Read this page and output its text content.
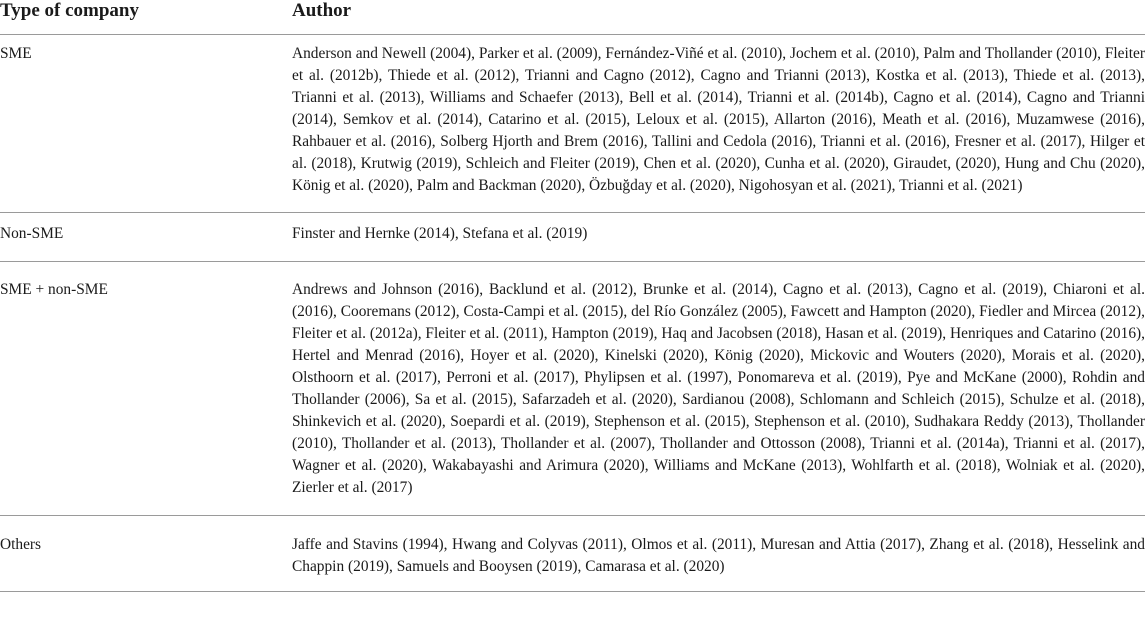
Type of company	Author
SME	Anderson and Newell (2004), Parker et al. (2009), Fernández-Viñé et al. (2010), Jochem et al. (2010), Palm and Thollander (2010), Fleiter et al. (2012b), Thiede et al. (2012), Trianni and Cagno (2012), Cagno and Trianni (2013), Kostka et al. (2013), Thiede et al. (2013), Trianni et al. (2013), Williams and Schaefer (2013), Bell et al. (2014), Trianni et al. (2014b), Cagno et al. (2014), Cagno and Trianni (2014), Semkov et al. (2014), Catarino et al. (2015), Leloux et al. (2015), Allarton (2016), Meath et al. (2016), Muzamwese (2016), Rahbauer et al. (2016), Solberg Hjorth and Brem (2016), Tallini and Cedola (2016), Trianni et al. (2016), Fresner et al. (2017), Hilger et al. (2018), Krutwig (2019), Schleich and Fleiter (2019), Chen et al. (2020), Cunha et al. (2020), Giraudet, (2020), Hung and Chu (2020), König et al. (2020), Palm and Backman (2020), Özbuğday et al. (2020), Nigohosyan et al. (2021), Trianni et al. (2021)
Non-SME	Finster and Hernke (2014), Stefana et al. (2019)
SME + non-SME	Andrews and Johnson (2016), Backlund et al. (2012), Brunke et al. (2014), Cagno et al. (2013), Cagno et al. (2019), Chiaroni et al. (2016), Cooremans (2012), Costa-Campi et al. (2015), del Río González (2005), Fawcett and Hampton (2020), Fiedler and Mircea (2012), Fleiter et al. (2012a), Fleiter et al. (2011), Hampton (2019), Haq and Jacobsen (2018), Hasan et al. (2019), Henriques and Catarino (2016), Hertel and Menrad (2016), Hoyer et al. (2020), Kinelski (2020), König (2020), Mickovic and Wouters (2020), Morais et al. (2020), Olsthoorn et al. (2017), Perroni et al. (2017), Phylipsen et al. (1997), Ponomareva et al. (2019), Pye and McKane (2000), Rohdin and Thollander (2006), Sa et al. (2015), Safarzadeh et al. (2020), Sardianou (2008), Schlomann and Schleich (2015), Schulze et al. (2018), Shinkevich et al. (2020), Soepardi et al. (2019), Stephenson et al. (2015), Stephenson et al. (2010), Sudhakara Reddy (2013), Thollander (2010), Thollander et al. (2013), Thollander et al. (2007), Thollander and Ottosson (2008), Trianni et al. (2014a), Trianni et al. (2017), Wagner et al. (2020), Wakabayashi and Arimura (2020), Williams and McKane (2013), Wohlfarth et al. (2018), Wolniak et al. (2020), Zierler et al. (2017)
Others	Jaffe and Stavins (1994), Hwang and Colyvas (2011), Olmos et al. (2011), Muresan and Attia (2017), Zhang et al. (2018), Hesselink and Chappin (2019), Samuels and Booysen (2019), Camarasa et al. (2020)
